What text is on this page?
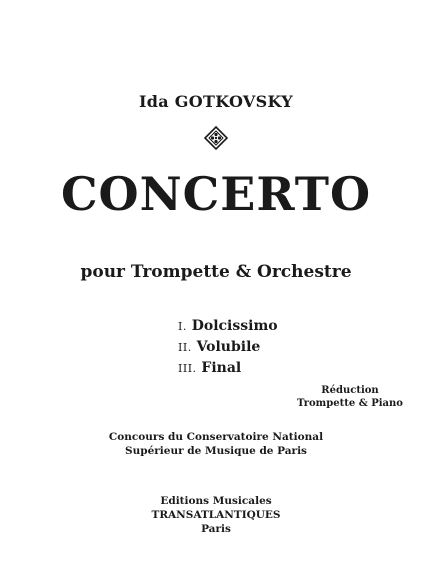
Ida GOTKOVSKY
CONCERTO
pour Trompette & Orchestre
I. Dolcissimo
II. Volubile
III. Final
Réduction
Trompette & Piano
Concours du Conservatoire National
Supérieur de Musique de Paris
Editions Musicales
TRANSATLANTIQUES
Paris
